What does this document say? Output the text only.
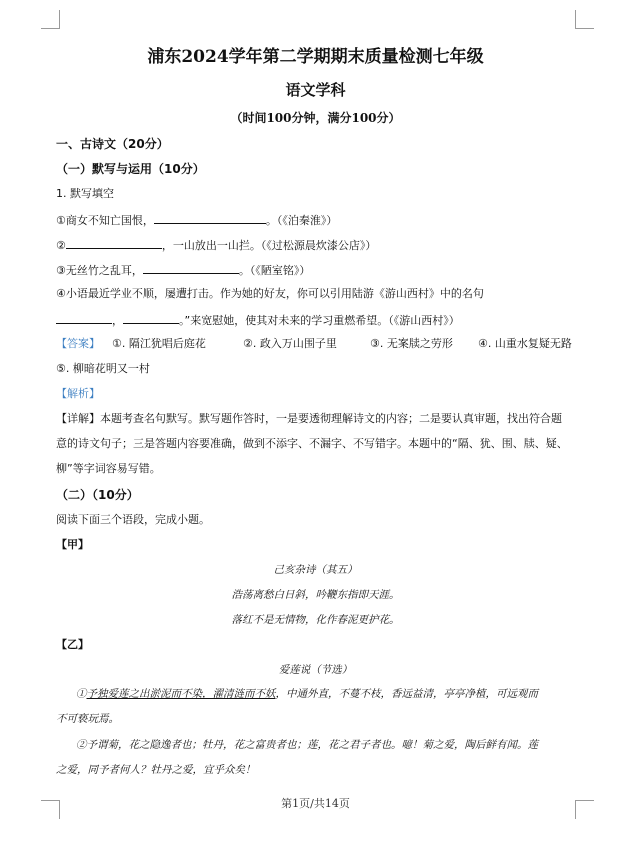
浦东2024学年第二学期期末质量检测七年级
语文学科
（时间100分钟，满分100分）
一、古诗文（20分）
（一）默写与运用（10分）
1. 默写填空
①商女不知亡国恨，	。（《泊秦淮》）
②	，一山放出一山拦。（《过松源晨炊漆公店》）
③无丝竹之乱耳，	。（《陋室铭》）
④小语最近学业不顺，屡遭打击。作为她的好友，你可以引用陆游《游山西村》中的名句
，	。”来宽慰她，使其对未来的学习重燃希望。（《游山西村》）
【答案】 ①. 隔江犹唱后庭花	②. 政入万山围子里	③. 无案牍之劳形 ④. 山重水复疑无路
⑤. 柳暗花明又一村
【解析】
【详解】本题考查名句默写。默写题作答时，一是要透彻理解诗文的内容；二是要认真审题，找出符合题
意的诗文句子；三是答题内容要准确，做到不添字、不漏字、不写错字。本题中的“隔、犹、围、牍、疑、
柳”等字词容易写错。
（二）（10分）
阅读下面三个语段，完成小题。
【甲】
己亥杂诗（其五）
浩荡离愁白日斜，吟鞭东指即天涯。
落红不是无情物，化作春泥更护花。
【乙】
爱莲说（节选）
①予独爱莲之出淤泥而不染，濯清涟而不妖，中通外直，不蔓不枝，香远益清，亭亭净植，可远观而
不可亵玩焉。
②予谓菊，花之隐逸者也；牡丹，花之富贵者也；莲，花之君子者也。噫！菊之爱，陶后鲜有闻。莲
之爱，同予者何人？牡丹之爱，宜乎众矣！
第1页/共14页
